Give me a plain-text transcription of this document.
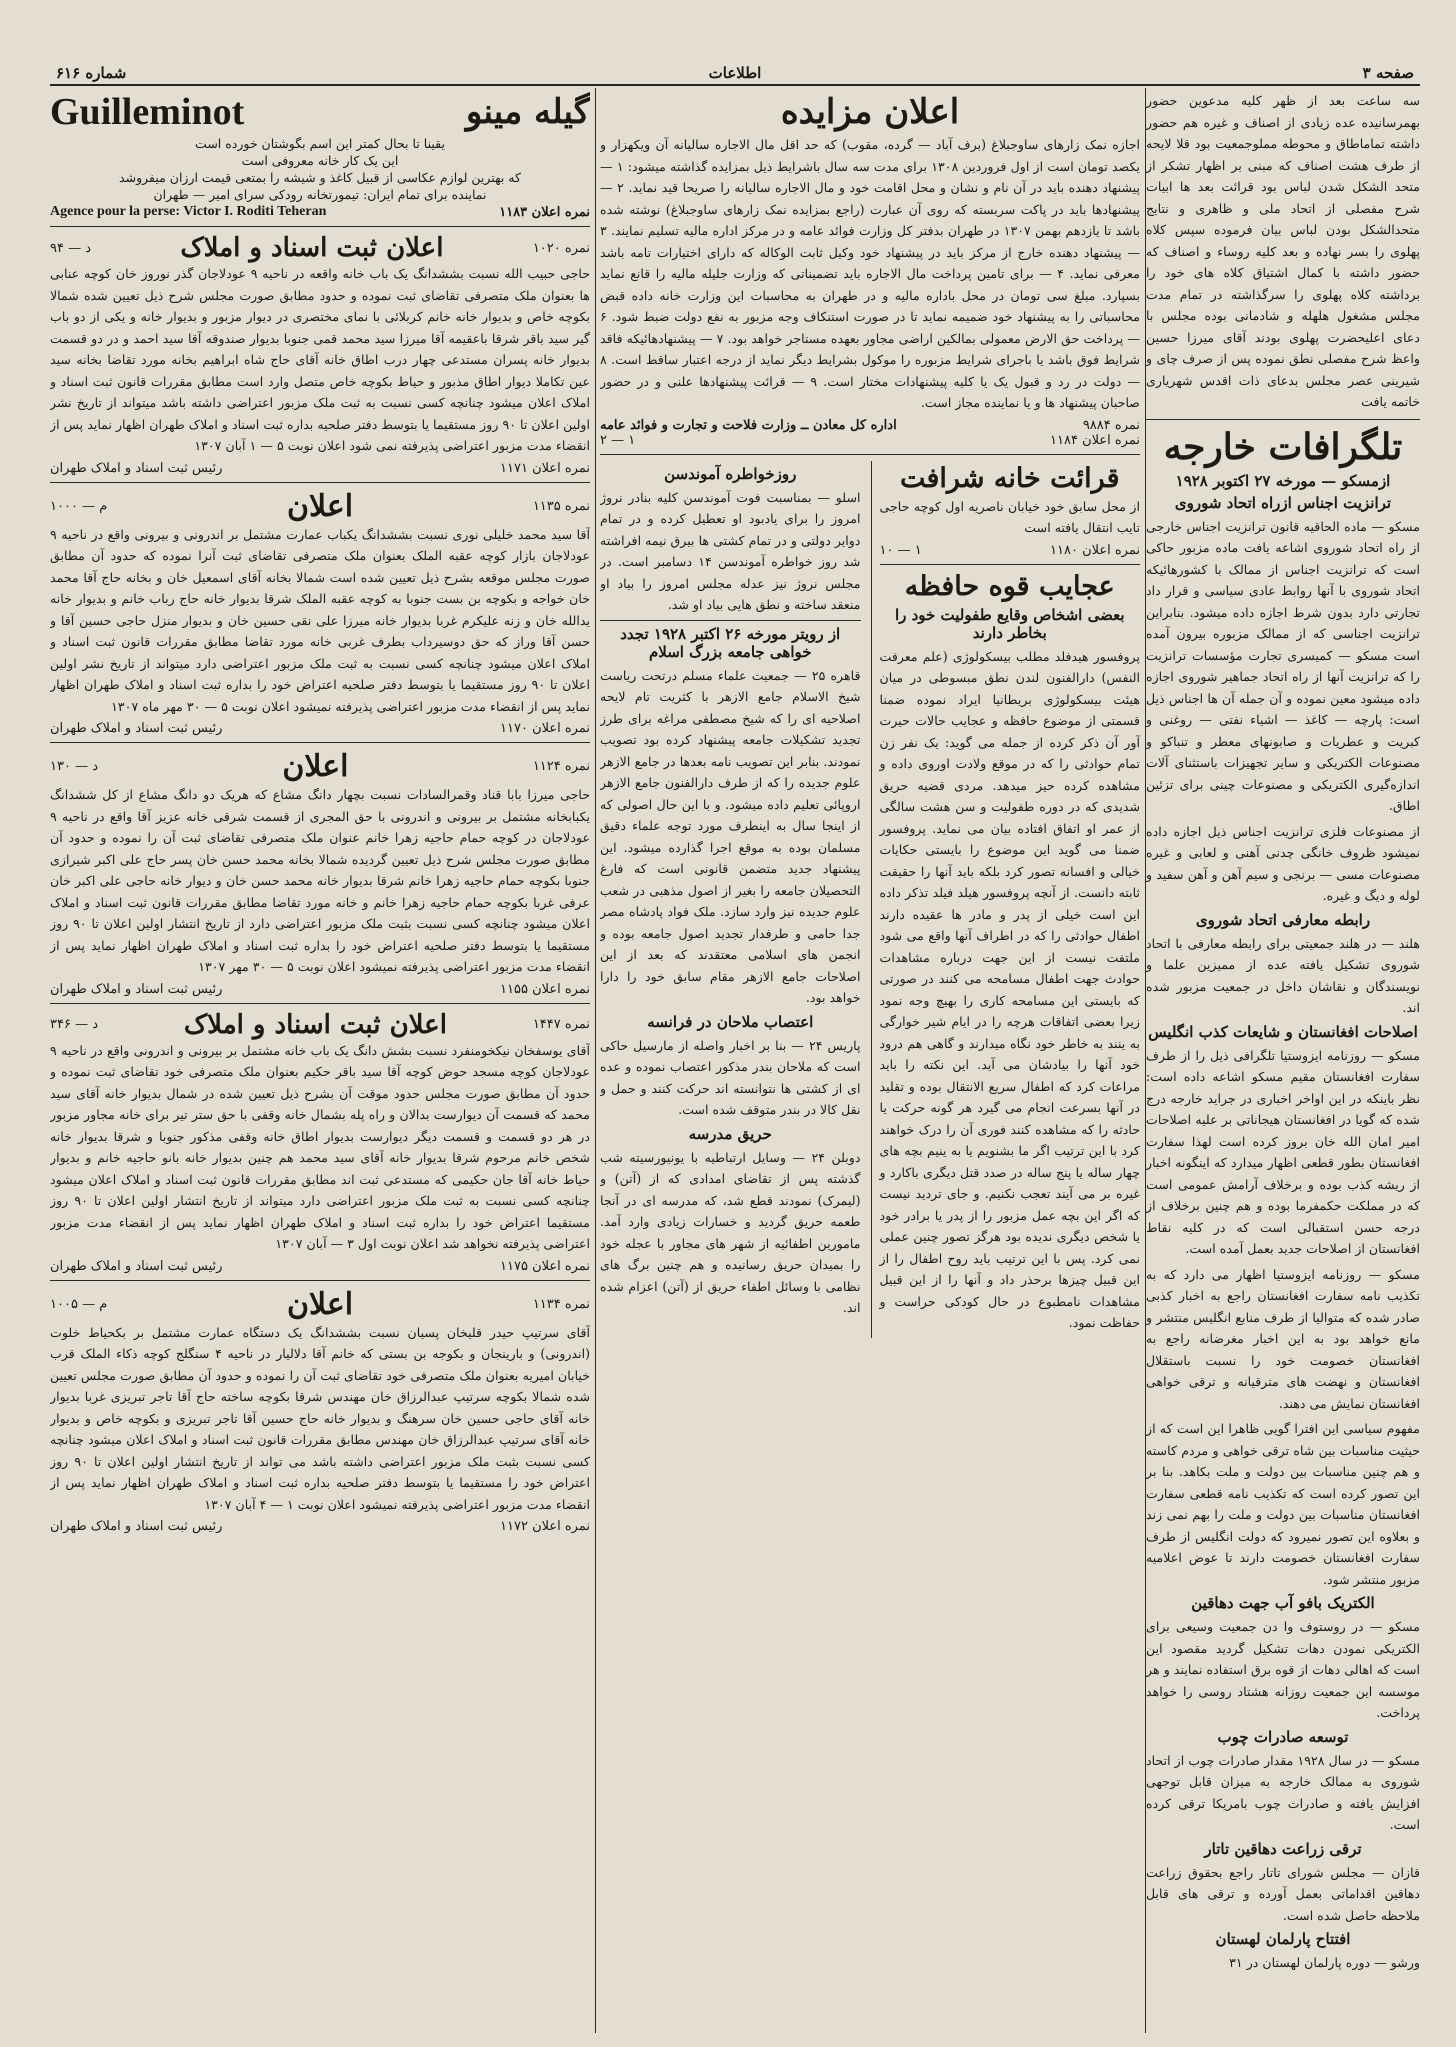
صفحه ۳
اطلاعات
شماره ۶۱۶

سه ساعت بعد از ظهر کلیه مدعوین حضور بهمرسانیده عده زیادی از اصناف و غیره هم حضور داشته تماماطاق و محوطه مملوجمعیت بود قلا لایحه از طرف هشت اصناف که مبنی بر اظهار تشکر از متحد الشکل شدن لباس بود قرائت بعد ها ابیات شرح مفصلی از اتحاد ملی و ظاهری و نتایج متحدالشکل بودن لباس بیان فرموده سپس کلاه پهلوی را بسر نهاده و بعد کلیه روساء و اصناف که حضور داشته با کمال اشتیاق کلاه های خود را برداشته کلاه پهلوی را سرگذاشته در تمام مدت مجلس مشغول هلهله و شادمانی بوده مجلس با دعای اعلیحضرت پهلوی بودند آقای میرزا حسین واعظ شرح مفصلی نطق نموده پس از صرف چای و شیرینی عصر مجلس بدعای ذات اقدس شهریاری خاتمه یافت

تلگرافات خارجه
ازمسکو — مورخه ۲۷ اکتوبر ۱۹۲۸
ترانزیت اجناس ازراه اتحاد شوروی

مسکو — ماده الحاقیه قانون ترانزیت اجناس خارجی از راه اتحاد شوروی اشاعه یافت ماده مزبور حاکی است که ترانزیت اجناس از ممالک با کشورهائیکه اتحاد شوروی با آنها روابط عادی سیاسی و قرار داد تجارتی دارد بدون شرط اجازه داده میشود. بنابراین ترانزیت اجناسی که از ممالک مزبوره بیرون آمده است مسکو — کمیسری تجارت مؤسسات ترانزیت را که ترانزیت آنها از راه اتحاد جماهیر شوروی اجازه داده میشود معین نموده و آن جمله آن ها اجناس ذیل است: پارچه — کاغذ — اشیاء نفتی — روغنی و کبریت و عطریات و صابونهای معطر و تنباکو و مصنوعات الکتریکی و سایر تجهیزات باستثنای آلات اندازه‌گیری الکتریکی و مصنوعات چینی برای تزئین اطاق.

از مصنوعات فلزی ترانزیت اجناس ذیل اجازه داده نمیشود ظروف خانگی چدنی آهنی و لعابی و غیره مصنوعات مسی — برنجی و سیم آهن و آهن سفید و لوله و دیگ و غیره.

رابطه معارفی اتحاد شوروی

هلند — در هلند جمعیتی برای رابطه معارفی با اتحاد شوروی تشکیل یافته عده از ممیزین علما و نویسندگان و نقاشان داخل در جمعیت مزبور شده اند.

اصلاحات افغانستان و شایعات کذب انگلیس

مسکو — روزنامه ایزوستیا تلگرافی ذیل را از طرف سفارت افغانستان مقیم مسکو اشاعه داده است: نظر باینکه در این اواخر اخباری در جراید خارجه درج شده که گویا در افغانستان هیجاناتی بر علیه اصلاحات امیر امان الله خان بروز کرده است لهذا سفارت افغانستان بطور قطعی اظهار میدارد که اینگونه اخبار از ریشه کذب بوده و برخلاف آرامش عمومی است که در مملکت حکمفرما بوده و هم چنین برخلاف از درجه حسن استقبالی است که در کلیه نقاط افغانستان از اصلاحات جدید بعمل آمده است.

مسکو — روزنامه ایزوستیا اظهار می دارد که به تکذیب نامه سفارت افغانستان راجع به اخبار کذبی صادر شده که متوالیا از طرف منابع انگلیس منتشر و مانع خواهد بود به این اخبار مغرضانه راجع به افغانستان خصومت خود را نسبت باستقلال افغانستان و نهضت های مترقیانه و ترقی خواهی افغانستان نمایش می دهند.

مفهوم سیاسی این افترا گویی ظاهرا این است که از حیثیت مناسبات بین شاه ترقی خواهی و مردم کاسته و هم چنین مناسبات بین دولت و ملت بکاهد. بنا بر این تصور کرده است که تکذیب نامه قطعی سفارت افغانستان مناسبات بین دولت و ملت را بهم نمی زند و بعلاوه این تصور نمیرود که دولت انگلیس از طرف سفارت افغانستان خصومت دارند تا عوض اعلامیه مزبور منتشر شود.

الکتریک بافو آب جهت دهاقین

مسکو — در روستوف وا دن جمعیت وسیعی برای الکتریکی نمودن دهات تشکیل گردید مقصود این است که اهالی دهات از قوه برق استفاده نمایند و هر موسسه این جمعیت روزانه هشتاد روسی را خواهد پرداخت.

توسعه صادرات چوب

مسکو — در سال ۱۹۲۸ مقدار صادرات چوب از اتحاد شوروی به ممالک خارجه به میزان قابل توجهی افزایش یافته و صادرات چوب بامریکا ترقی کرده است.

ترقی زراعت دهاقین تاتار

قازان — مجلس شورای تاتار راجع بحقوق زراعت دهاقین اقداماتی بعمل آورده و ترقی های قابل ملاحظه حاصل شده است.

افتتاح پارلمان لهستان

ورشو — دوره پارلمان لهستان در ۳۱

اعلان مزایده

اجازه نمک زارهای ساوجبلاغ (برف آباد — گرده، مقوب) که حد اقل مال الاجاره سالیانه آن ویکهزار و یکصد تومان است از اول فروردین ۱۳۰۸ برای مدت سه سال باشرایط ذیل بمزایده گذاشته میشود: ۱ — پیشنهاد دهنده باید در آن نام و نشان و محل اقامت خود و مال الاجاره سالیانه را صریحا قید نماید. ۲ — پیشنهادها باید در پاکت سربسته که روی آن عبارت (راجع بمزایده نمک زارهای ساوجبلاغ) نوشته شده باشد تا یازدهم بهمن ۱۳۰۷ در طهران بدفتر کل وزارت فوائد عامه و در مرکز اداره مالیه تسلیم نمایند. ۳ — پیشنهاد دهنده خارج از مرکز باید در پیشنهاد خود وکیل ثابت الوکاله که دارای اختیارات تامه باشد معرفی نماید. ۴ — برای تامین پرداخت مال الاجاره باید تضمیناتی که وزارت جلیله مالیه را قانع نماید بسپارد. مبلغ سی تومان در محل باداره مالیه و در طهران به محاسبات این وزارت خانه داده قبض محاسباتی را به پیشنهاد خود ضمیمه نماید تا در صورت استنکاف وجه مزبور به نفع دولت ضبط شود. ۶ — پرداخت حق الارض معمولی بمالکین اراضی مجاور بعهده مستاجر خواهد بود. ۷ — پیشنهادهائیکه فاقد شرایط فوق باشد یا باجرای شرایط مزبوره را موکول بشرایط دیگر نماید از درجه اعتبار ساقط است. ۸ — دولت در رد و قبول یک یا کلیه پیشنهادات مختار است. ۹ — قرائت پیشنهادها علنی و در حضور صاحبان پیشنهاد ها و یا نماینده مجاز است.

نمره ۹۸۸۴
اداره کل معادن ــ وزارت فلاحت و تجارت و فوائد عامه
نمره اعلان ۱۱۸۴
۱ — ۲
قرائت خانه شرافت

از محل سابق خود خیابان ناصریه اول کوچه حاجی تایب انتقال یافته است

نمره اعلان ۱۱۸۰
۱ — ۱۰
عجایب قوه حافظه
بعضی اشخاص وقایع طفولیت خود را بخاطر دارند

پروفسور هیدفلد مطلب بیسکولوژی (علم معرفت النفس) دارالفنون لندن نطق مبسوطی در میان هیئت بیسکولوژی بریطانیا ایراد نموده ضمنا قسمتی از موضوع حافظه و عجایب حالات حیرت آور آن ذکر کرده از جمله می گوید: یک نفر زن تمام حوادثی را که در موقع ولادت اوروی داده و مشاهده کرده حیز میدهد. مردی قضیه حریق شدیدی که در دوره طفولیت و سن هشت سالگی از عمر او اتفاق افتاده بیان می نماید. پروفسور ضمنا می گوید این موضوع را بایستی حکایات خیالی و افسانه تصور کرد بلکه باید آنها را حقیقت ثابته دانست. از آنچه پروفسور هیلد فیلد تذکر داده این است خیلی از پدر و مادر ها عقیده دارند اطفال حوادثی را که در اطراف آنها واقع می شود ملتفت نیست از این جهت درباره مشاهدات حوادث جهت اطفال مسامحه می کنند در صورتی که بایستی این مسامحه کاری را بهیچ وجه نمود زیرا بعضی اتفاقات هرچه را در ایام شیر خوارگی به ینند به خاطر خود نگاه میدارند و گاهی هم درود خود آنها را بیادشان می آید. این نکته را باید مراعات کرد که اطفال سریع الانتقال بوده و تقلید در آنها بسرعت انجام می گیرد هر گونه حرکت یا حادثه را که مشاهده کنند فوری آن را درک خواهند کرد با این ترتیب اگر ما بشنویم یا به ینیم بچه های چهار ساله یا پنج ساله در صدد قتل دیگری باکارد و غیره بر می آیند تعجب نکنیم. و جای تردید نیست که اگر این بچه عمل مزبور را از پدر یا برادر خود یا شخص دیگری ندیده بود هرگز تصور چنین عملی نمی کرد. پس با این ترتیب باید روح اطفال را از این قبیل چیزها برحذر داد و آنها را از این قبیل مشاهدات نامطبوع در حال کودکی حراست و حفاظت نمود.

روزخواطره آموندسن

اسلو — بمناسبت فوت آموندسن کلیه بنادر نروژ امروز را برای یادبود او تعطیل کرده و در تمام دوایر دولتی و در تمام کشتی ها بیرق نیمه افراشته شد روز خواطره آموندسن ۱۴ دسامبر است. در مجلس نروژ نیز عدله مجلس امروز را بیاد او منعقد ساخته و نطق هایی بیاد او شد.

از رویتر مورخه ۲۶ اکتبر ۱۹۲۸ تجدد خواهی جامعه بزرگ اسلام

قاهره ۲۵ — جمعیت علماء مسلم درتحت ریاست شیخ الاسلام جامع الازهر با کثریت تام لایحه اصلاحیه ای را که شیخ مصطفی مراغه برای طرز تجدید تشکیلات جامعه پیشنهاد کرده بود تصویب نمودند. بنابر این تصویب نامه بعدها در جامع الازهر علوم جدیده را که از طرف دارالفنون جامع الازهر اروپائی تعلیم داده میشود. و با این حال اصولی که از اینجا سال به اینطرف مورد توجه علماء دقیق مسلمان بوده به موقع اجرا گذارده میشود. این پیشنهاد جدید متضمن قانونی است که فارغ التحصیلان جامعه را بغیر از اصول مذهبی در شعب علوم جدیده نیز وارد سازد. ملک فواد پادشاه مصر جدا حامی و طرفدار تجدید اصول جامعه بوده و انجمن های اسلامی معتقدند که بعد از این اصلاحات جامع الازهر مقام سابق خود را دارا خواهد بود.

اعتصاب ملاحان در فرانسه

پاریس ۲۴ — بنا بر اخبار واصله از مارسیل حاکی است که ملاحان بندر مذکور اعتصاب نموده و عده ای از کشتی ها نتوانسته اند حرکت کنند و حمل و نقل کالا در بندر متوقف شده است.

حریق مدرسه

دوبلن ۲۴ — وسایل ارتباطیه با یونیورسیته شب گذشته پس از تقاضای امدادی که از (آتن) و (لیمرک) نمودند قطع شد، که مدرسه ای در آنجا طعمه حریق گردید و خسارات زیادی وارد آمد. مامورین اطفائیه از شهر های مجاور با عجله خود را بمیدان حریق رسانیده و هم چنین برگ های نظامی با وسائل اطفاء حریق از (آتن) اعزام شده اند.

Guilleminot	گیله مینو
یقینا تا بحال کمتر این اسم بگوشتان خورده است
این یک کار خانه معروفی است
که بهترین لوازم عکاسی از قبیل کاغذ و شیشه را بمتعی قیمت ارزان میفروشد
نماینده برای تمام ایران: تیمورتخانه رودکی سرای امیر — طهران
نمره اعلان ۱۱۸۳
Agence pour la perse: Victor I. Roditi Teheran
نمره ۱۰۲۰
اعلان ثبت اسناد و املاک
د — ۹۴

حاجی حبیب الله نسبت بششدانگ یک باب خانه واقعه در ناحیه ۹ عودلاجان گذر نوروز خان کوچه عنابی ها بعنوان ملک متصرفی تقاضای ثبت نموده و حدود مطابق صورت مجلس شرح ذیل تعیین شده شمالا بکوچه خاص و بدیوار خانه خانم کربلائی با نمای مختصری در دیوار مزبور و بدیوار خانه و یکی از دو باب گیر سید باقر شرقا باعقیمه آقا میرزا سید محمد قمی جنوبا بدیوار صندوقه آقا سید احمد و در دو قسمت بدیوار خانه پسران مستدعی چهار درب اطاق خانه آقای حاج شاه ابراهیم بخانه مورد تقاضا بخانه سید عین تکاملا دیوار اطاق مذبور و حیاط بکوچه خاص متصل وارد است مطابق مقررات قانون ثبت اسناد و املاک اعلان میشود چنانچه کسی نسبت به ثبت ملک مزبور اعتراضی داشته باشد میتواند از تاریخ نشر اولین اعلان تا ۹۰ روز مستقیما یا بتوسط دفتر صلحیه بداره ثبت اسناد و املاک طهران اظهار نماید پس از انقضاء مدت مزبور اعتراضی پذیرفته نمی شود اعلان نوبت ۵ — ۱ آبان ۱۳۰۷

نمره اعلان ۱۱۷۱
رئیس ثبت اسناد و املاک طهران
نمره ۱۱۳۵
اعلان
م — ۱۰۰۰

آقا سید محمد خلیلی نوری نسبت بششدانگ یکباب عمارت مشتمل بر اندرونی و بیرونی واقع در ناحیه ۹ عودلاجان بازار کوچه عقبه الملک بعنوان ملک متصرفی تقاضای ثبت آنرا نموده که حدود آن مطابق صورت مجلس موقعه بشرح ذیل تعیین شده است شمالا بخانه آقای اسمعیل خان و بخانه حاج آقا محمد خان خواجه و بکوچه بن بست جنوبا به کوچه عقبه الملک شرقا بدیوار خانه حاج رباب خانم و بدیوار خانه یدالله خان و زنه علیکرم غربا بدیوار خانه میرزا علی نقی حسین خان و بدیوار منزل حاجی حسین آقا و حسن آقا وراز که حق دوسیرداب بطرف غربی خانه مورد تقاضا مطابق مقررات قانون ثبت اسناد و املاک اعلان میشود چنانچه کسی نسبت به ثبت ملک مزبور اعتراضی دارد میتواند از تاریخ نشر اولین اعلان تا ۹۰ روز مستقیما یا بتوسط دفتر صلحیه اعتراض خود را بداره ثبت اسناد و املاک طهران اظهار نماید پس از انقضاء مدت مزبور اعتراضی پذیرفته نمیشود اعلان نوبت ۵ — ۳۰ مهر ماه ۱۳۰۷

نمره اعلان ۱۱۷۰
رئیس ثبت اسناد و املاک طهران
نمره ۱۱۲۴
اعلان
د — ۱۳۰

حاجی میرزا بابا قناد وقمرالسادات نسبت بچهار دانگ مشاع که هریک دو دانگ مشاع از کل ششدانگ یکبابخانه مشتمل بر بیرونی و اندرونی با حق المجری از قسمت شرقی خانه عزیز آقا واقع در ناحیه ۹ عودلاجان در کوچه حمام حاجیه زهرا خانم عنوان ملک متصرفی تقاضای ثبت آن را نموده و حدود آن مطابق صورت مجلس شرح ذیل تعیین گردیده شمالا بخانه محمد حسن خان پسر حاج علی اکبر شیرازی جنوبا بکوچه حمام حاجیه زهرا خانم شرقا بدیوار خانه محمد حسن خان و دیوار خانه حاجی علی اکبر خان عرفی غربا بکوچه حمام حاجیه زهرا خانم و خانه مورد تقاضا مطابق مقررات قانون ثبت اسناد و املاک اعلان میشود چنانچه کسی نسبت بثبت ملک مزبور اعتراضی دارد از تاریخ انتشار اولین اعلان تا ۹۰ روز مستقیما یا بتوسط دفتر صلحیه اعتراض خود را بداره ثبت اسناد و املاک طهران اظهار نماید پس از انقضاء مدت مزبور اعتراضی پذیرفته نمیشود اعلان نوبت ۵ — ۳۰ مهر ۱۳۰۷

نمره اعلان ۱۱۵۵
رئیس ثبت اسناد و املاک طهران
نمره ۱۴۴۷
اعلان ثبت اسناد و املاک
د — ۳۴۶

آقای یوسفخان نیکخومنفرد نسبت بشش دانگ یک باب خانه مشتمل بر بیرونی و اندرونی واقع در ناحیه ۹ عودلاجان کوچه مسجد حوض کوچه آقا سید باقر حکیم بعنوان ملک متصرفی خود تقاضای ثبت نموده و حدود آن مطابق صورت مجلس حدود موقت آن بشرح ذیل تعیین شده در شمال بدیوار خانه آقای سید محمد که قسمت آن دیوارست بدالان و راه پله بشمال خانه وقفی با حق ستر تیر برای خانه مجاور مزبور در هر دو قسمت و قسمت دیگر دیوارست بدیوار اطاق خانه وقفی مذکور جنوبا و شرقا بدیوار خانه شخص خانم مرحوم شرقا بدیوار خانه آقای سید محمد هم چنین بدیوار خانه بانو حاجیه خانم و بدیوار حیاط خانه آقا جان حکیمی که مستدعی ثبت اند مطابق مقررات قانون ثبت اسناد و املاک اعلان میشود چنانچه کسی نسبت به ثبت ملک مزبور اعتراضی دارد میتواند از تاریخ انتشار اولین اعلان تا ۹۰ روز مستقیما اعتراض خود را بداره ثبت اسناد و املاک طهران اظهار نماید پس از انقضاء مدت مزبور اعتراضی پذیرفته نخواهد شد اعلان نوبت اول ۳ — آبان ۱۳۰۷

نمره اعلان ۱۱۷۵
رئیس ثبت اسناد و املاک طهران
نمره ۱۱۳۴
اعلان
م — ۱۰۰۵

آقای سرتیپ حیدر قلیخان پسیان نسبت بششدانگ یک دستگاه عمارت مشتمل بر بکحیاط خلوت (اندرونی) و بارینجان و بکوجه بن بستی که خانم آقا دلالیار در ناحیه ۴ سنگلج کوچه ذکاء الملک قرب خیابان امیریه بعنوان ملک متصرفی خود تقاضای ثبت آن را نموده و حدود آن مطابق صورت مجلس تعیین شده شمالا بکوچه سرتیپ عبدالرزاق خان مهندس شرقا بکوچه ساخته حاج آقا تاجر تبریزی غربا بدیوار خانه آقای حاجی حسین خان سرهنگ و بدیوار خانه حاج حسین آقا تاجر تبریزی و بکوچه خاص و بدیوار خانه آقای سرتیپ عبدالرزاق خان مهندس مطابق مقررات قانون ثبت اسناد و املاک اعلان میشود چنانچه کسی نسبت بثبت ملک مزبور اعتراضی داشته باشد می تواند از تاریخ انتشار اولین اعلان تا ۹۰ روز اعتراض خود را مستقیما یا بتوسط دفتر صلحیه بداره ثبت اسناد و املاک طهران اظهار نماید پس از انقضاء مدت مزبور اعتراضی پذیرفته نمیشود اعلان نوبت ۱ — ۴ آبان ۱۳۰۷

نمره اعلان ۱۱۷۲
رئیس ثبت اسناد و املاک طهران
